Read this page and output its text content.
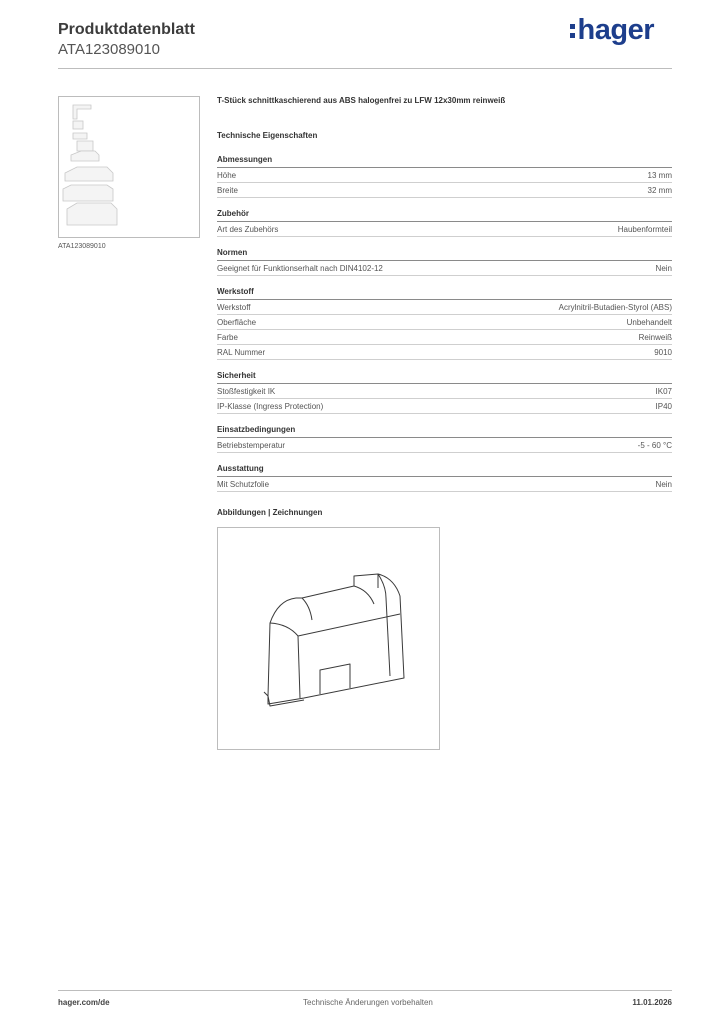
Produktdatenblatt
ATA123089010
hager
ATA123089010
T-Stück schnittkaschierend aus ABS halogenfrei zu LFW 12x30mm reinweiß
Technische Eigenschaften
Abmessungen
Höhe	13 mm
Breite	32 mm
Zubehör
Art des Zubehörs	Haubenformteil
Normen
Geeignet für Funktionserhalt nach DIN4102-12	Nein
Werkstoff
Werkstoff	Acrylnitril-Butadien-Styrol (ABS)
Oberfläche	Unbehandelt
Farbe	Reinweiß
RAL Nummer	9010
Sicherheit
Stoßfestigkeit IK	IK07
IP-Klasse (Ingress Protection)	IP40
Einsatzbedingungen
Betriebstemperatur	-5 - 60 °C
Ausstattung
Mit Schutzfolie	Nein
Abbildungen | Zeichnungen
hager.com/de	Technische Änderungen vorbehalten	11.01.2026
